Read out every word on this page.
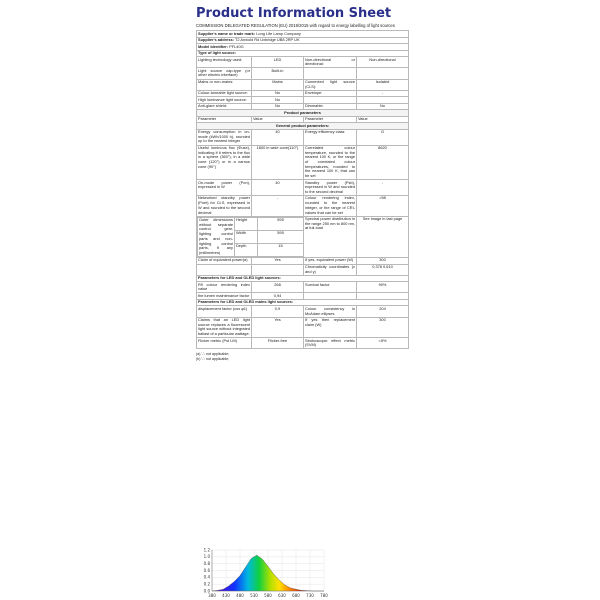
Product Information Sheet
COMMISSION DELEGATED REGULATION (EU) 2019/2015 with regard to energy labelling of light sources
Supplier's name or trade mark: Long Life Lamp Company
Supplier's address: T2 Anwold Rd Uxbridge UB8 2RP UK
Model identifier: PFL40G
Type of light source:
Lighting technology used:	LED	Non-directional or directional:	Non-directional
Light source cap-type (or other electric interface)	Built-in		
Mains or non-mains:	Mains	Connected light source (CLS):	Isolated
Colour-tuneable light source:	No	Envelope:	-
High luminance light source:	No		
Anti-glare shield:	No	Dimmable:	No
Product parameters
Parameter	Value	Parameter	Value
General product parameters:
Energy consumption in on-mode (kWh/1000 h), rounded up to the nearest integer	40	Energy efficiency class	G
Useful luminous flux (Φuse), indicating if it refers to the flux in a sphere (360°), in a wide cone (120°) or in a narrow cone (90°)	1800 in wide cone(110°)	Correlated colour temperature, rounded to the nearest 100 K, or the range of correlated colour temperatures, rounded to the nearest 100 K, that can be set	8620
On-mode power (Pon), expressed in W	40	Standby power (Psb), expressed in W and rounded to the second decimal	-
Networked standby power (Pnet) for CLS, expressed in W and rounded to the second decimal	-	Colour rendering index, rounded to the nearest integer, or the range of CRI-values that can be set	>58

Outer dimensions without separate control gear, lighting control parts and non-lighting control parts, if any (millimetres)	Height	595
Width	595
Depth	15
	Spectral power distribution in the range 250 nm to 800 nm, at full-load	See image in last page
Claim of equivalent power(a)	Yes	If yes, equivalent power (W)	300
		Chromaticity coordinates (x and y)	0,378 0,610
Parameters for LED and OLED light sources:
R9 colour rendering index value	268	Survival factor	90%
the lumen maintenance factor	0,94		
Parameters for LED and OLED mains light sources:
displacement factor (cos φ1)	0,9	Colour consistency in McAdam ellipses	204
Claims that an LED light source replaces a fluorescent light source without integrated ballast of a particular wattage.	Yes	If yes then replacement claim (W)	300
Flicker metric (Pst LM)	Flicker-free	Stroboscopic effect metric (SVM)	<5%
(a) '-': not applicable;
(b) '-': not applicable;
1.2
1.0
0.8
0.6
0.4
0.2
0.0
380 430 480 530 580 630 680 730 780
